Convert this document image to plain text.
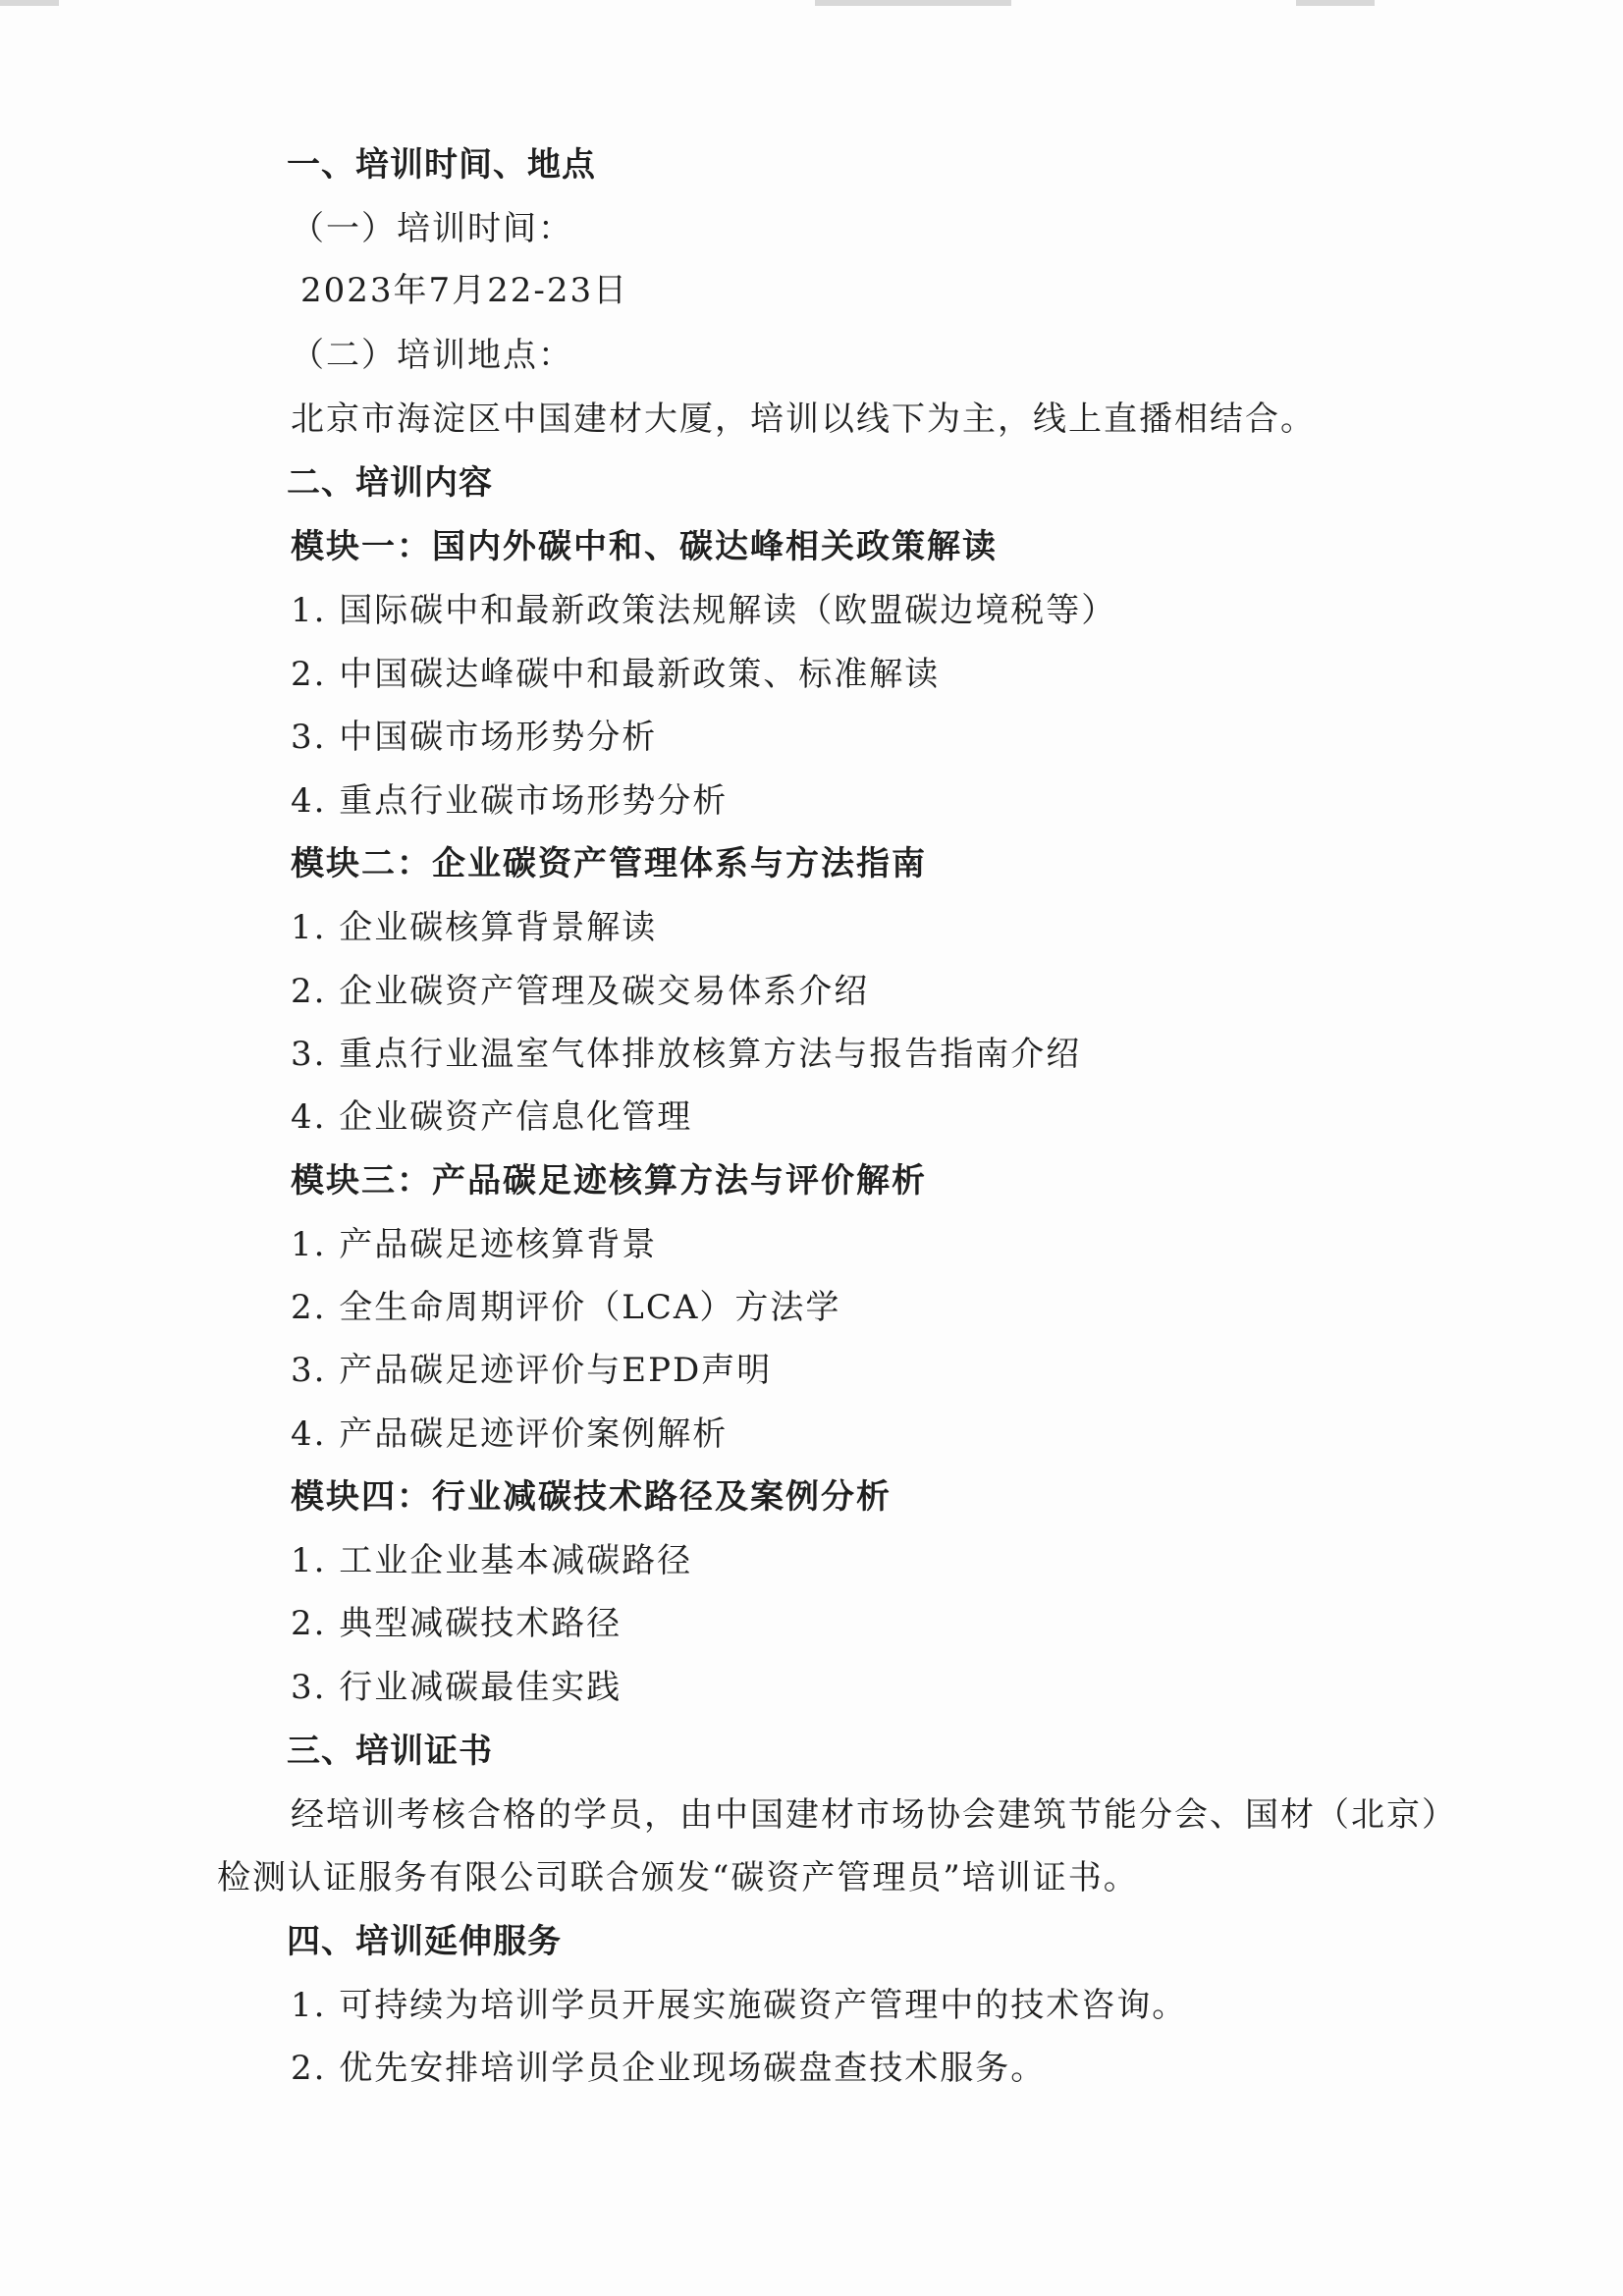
一、培训时间、地点
（一）培训时间：
2023年7月22-23日
（二）培训地点：
北京市海淀区中国建材大厦，培训以线下为主，线上直播相结合。
二、培训内容
模块一：国内外碳中和、碳达峰相关政策解读
1. 国际碳中和最新政策法规解读（欧盟碳边境税等）
2. 中国碳达峰碳中和最新政策、标准解读
3. 中国碳市场形势分析
4. 重点行业碳市场形势分析
模块二：企业碳资产管理体系与方法指南
1. 企业碳核算背景解读
2. 企业碳资产管理及碳交易体系介绍
3. 重点行业温室气体排放核算方法与报告指南介绍
4. 企业碳资产信息化管理
模块三：产品碳足迹核算方法与评价解析
1. 产品碳足迹核算背景
2. 全生命周期评价（LCA）方法学
3. 产品碳足迹评价与EPD声明
4. 产品碳足迹评价案例解析
模块四：行业减碳技术路径及案例分析
1. 工业企业基本减碳路径
2. 典型减碳技术路径
3. 行业减碳最佳实践
三、培训证书
经培训考核合格的学员，由中国建材市场协会建筑节能分会、国材（北京）
检测认证服务有限公司联合颁发“碳资产管理员”培训证书。
四、培训延伸服务
1. 可持续为培训学员开展实施碳资产管理中的技术咨询。
2. 优先安排培训学员企业现场碳盘查技术服务。
